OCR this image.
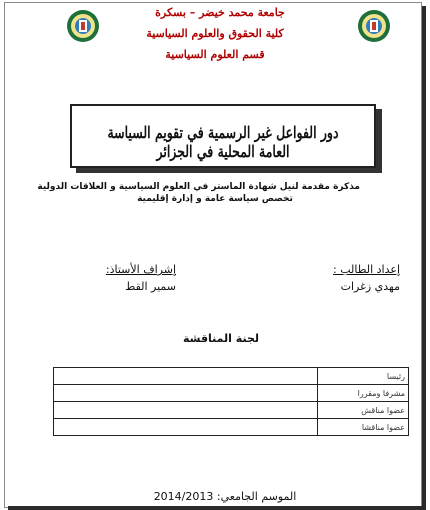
جامعة محمد خيضر – بسكرة
كلية الحقوق والعلوم السياسية
قسم العلوم السياسية
دور الفواعل غير الرسمية في تقويم السياسة العامة المحلية في الجزائر
مذكرة مقدمة لنيل شهادة الماستر في العلوم السياسية و العلاقات الدولية
تخصص سياسة عامة و إدارة إقليمية
إشراف الأستاذ:
سمير القط
إعداد الطالب :
مهدي زغرات
لجنة المناقشة
	رئيسا
	مشرفا ومقررا
	عضوا مناقش
	عضوا مناقشا
الموسم الجامعي: 2014/2013
